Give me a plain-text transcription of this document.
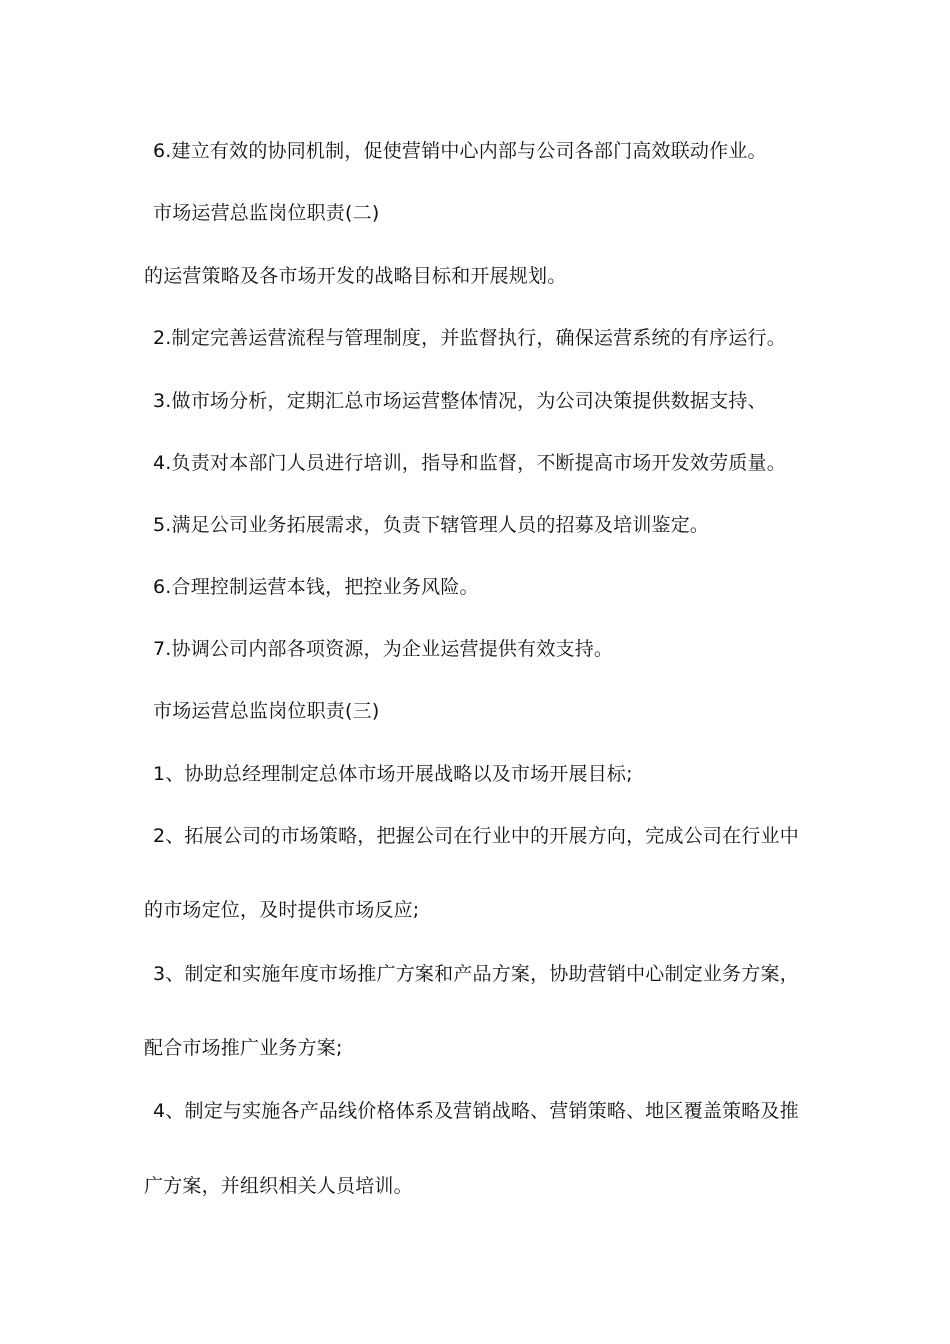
6.建立有效的协同机制，促使营销中心内部与公司各部门高效联动作业。
市场运营总监岗位职责(二)
的运营策略及各市场开发的战略目标和开展规划。
2.制定完善运营流程与管理制度，并监督执行，确保运营系统的有序运行。
3.做市场分析，定期汇总市场运营整体情况，为公司决策提供数据支持、
4.负责对本部门人员进行培训，指导和监督，不断提高市场开发效劳质量。
5.满足公司业务拓展需求，负责下辖管理人员的招募及培训鉴定。
6.合理控制运营本钱，把控业务风险。
7.协调公司内部各项资源，为企业运营提供有效支持。
市场运营总监岗位职责(三)
1、协助总经理制定总体市场开展战略以及市场开展目标;
2、拓展公司的市场策略，把握公司在行业中的开展方向，完成公司在行业中
的市场定位，及时提供市场反应;
3、制定和实施年度市场推广方案和产品方案，协助营销中心制定业务方案，
配合市场推广业务方案;
4、制定与实施各产品线价格体系及营销战略、营销策略、地区覆盖策略及推
广方案，并组织相关人员培训。
